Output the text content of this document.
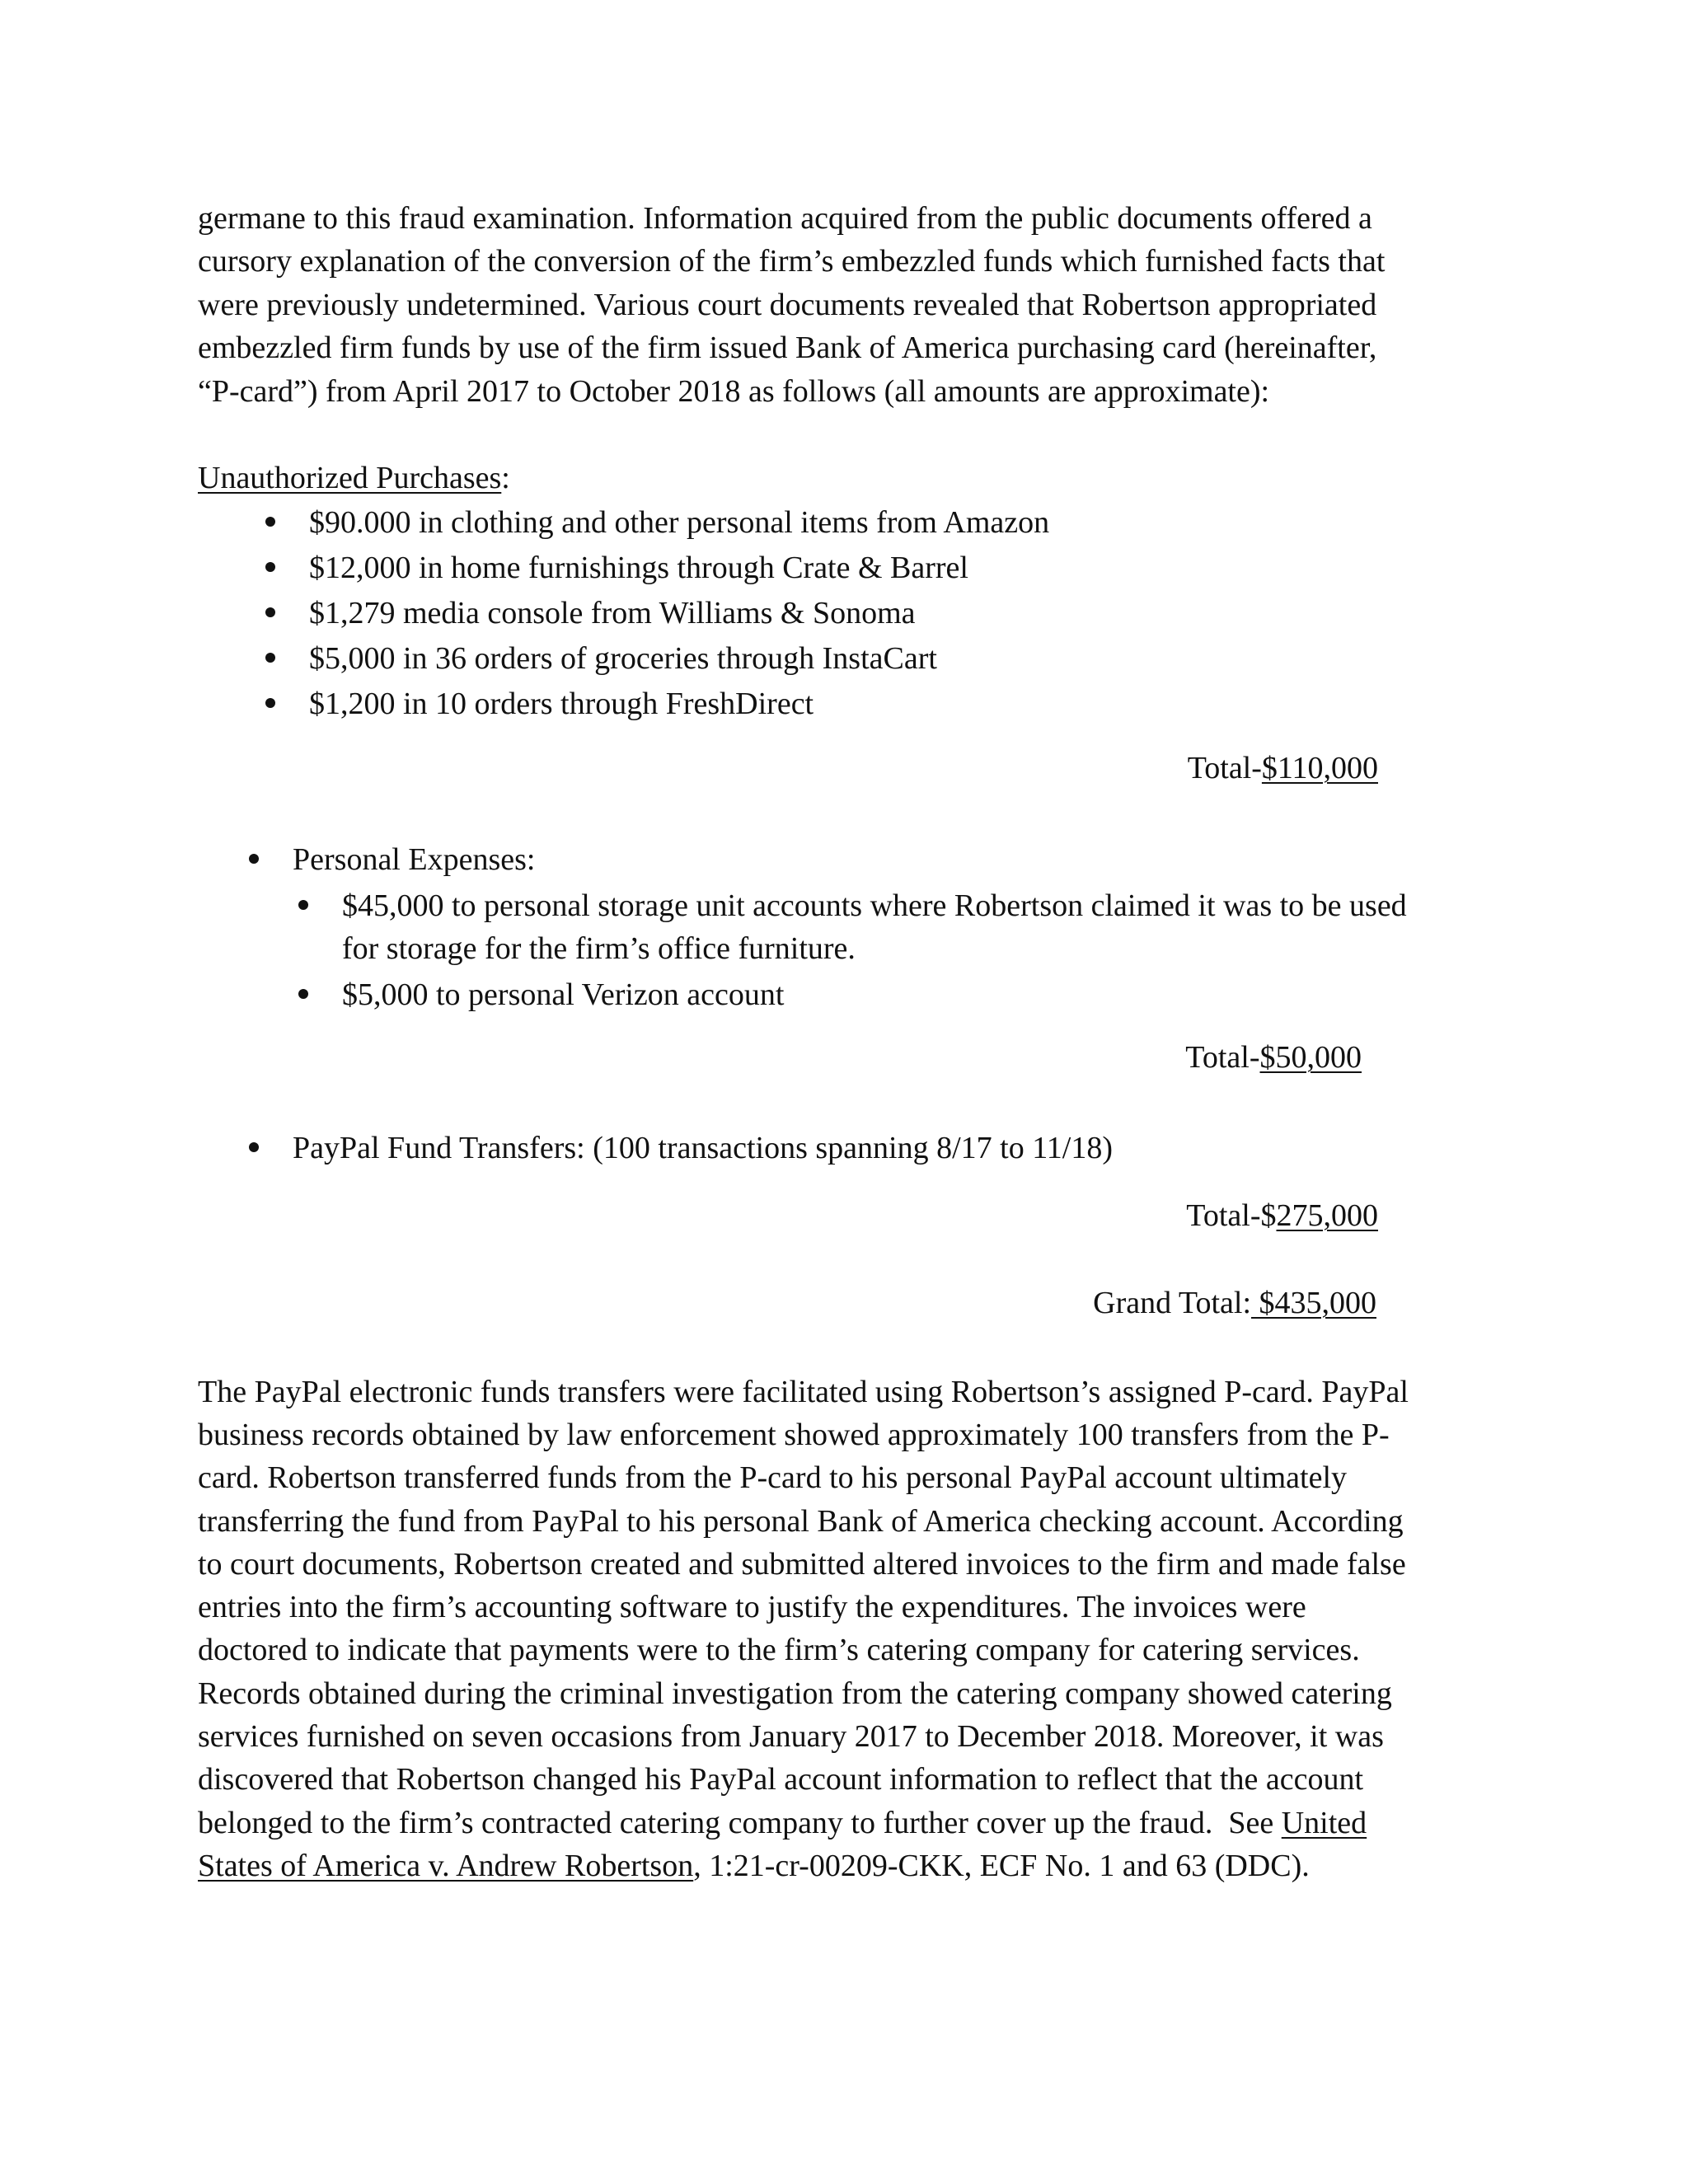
germane to this fraud examination. Information acquired from the public documents offered a
cursory explanation of the conversion of the firm’s embezzled funds which furnished facts that
were previously undetermined. Various court documents revealed that Robertson appropriated
embezzled firm funds by use of the firm issued Bank of America purchasing card (hereinafter,
“P-card”) from April 2017 to October 2018 as follows (all amounts are approximate):
Unauthorized Purchases:
$90.000 in clothing and other personal items from Amazon
$12,000 in home furnishings through Crate & Barrel
$1,279 media console from Williams & Sonoma
$5,000 in 36 orders of groceries through InstaCart
$1,200 in 10 orders through FreshDirect
Total-$110,000
Personal Expenses:
$45,000 to personal storage unit accounts where Robertson claimed it was to be used
for storage for the firm’s office furniture.
$5,000 to personal Verizon account
Total-$50,000
PayPal Fund Transfers: (100 transactions spanning 8/17 to 11/18)
Total-$275,000
Grand Total: $435,000
The PayPal electronic funds transfers were facilitated using Robertson’s assigned P-card. PayPal
business records obtained by law enforcement showed approximately 100 transfers from the P-
card. Robertson transferred funds from the P-card to his personal PayPal account ultimately
transferring the fund from PayPal to his personal Bank of America checking account. According
to court documents, Robertson created and submitted altered invoices to the firm and made false
entries into the firm’s accounting software to justify the expenditures. The invoices were
doctored to indicate that payments were to the firm’s catering company for catering services.
Records obtained during the criminal investigation from the catering company showed catering
services furnished on seven occasions from January 2017 to December 2018. Moreover, it was
discovered that Robertson changed his PayPal account information to reflect that the account
belonged to the firm’s contracted catering company to further cover up the fraud.  See United
States of America v. Andrew Robertson, 1:21-cr-00209-CKK, ECF No. 1 and 63 (DDC).
